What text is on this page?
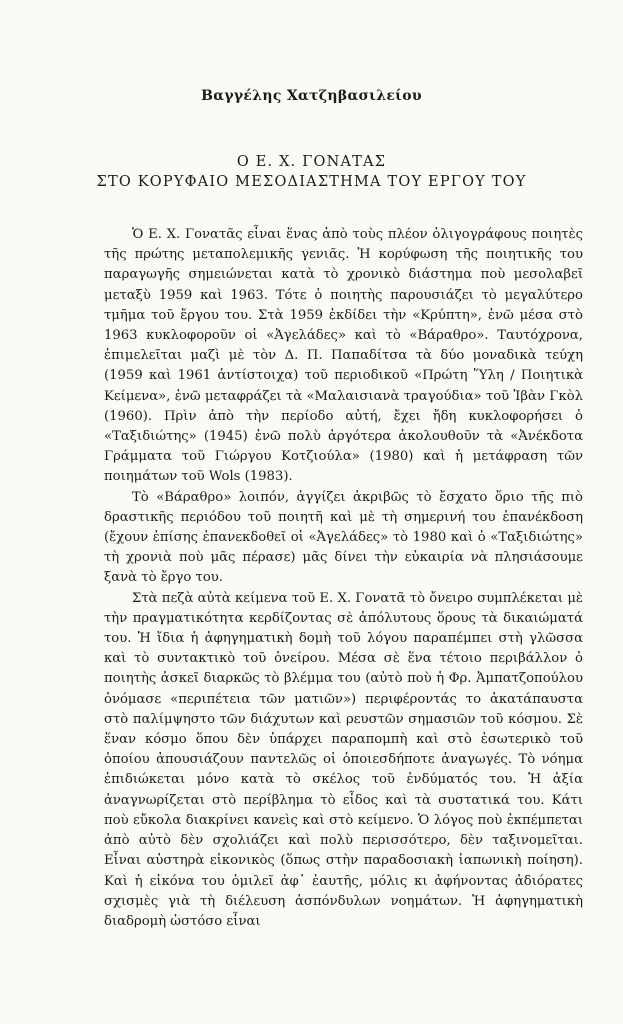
Βαγγέλης Χατζηβασιλείου

Ο Ε. Χ. ΓΟΝΑΤΑΣ
ΣΤΟ ΚΟΡΥΦΑΙΟ ΜΕΣΟΔΙΑΣΤΗΜΑ ΤΟΥ ΕΡΓΟΥ ΤΟΥ

Ὁ Ε. Χ. Γονατᾶς εἶναι ἕνας ἀπὸ τοὺς πλέον ὀλιγογράφους ποιητὲς τῆς πρώτης μεταπολεμικῆς γενιᾶς. Ἡ κορύφωση τῆς ποιητικῆς του παραγωγῆς σημειώνεται κατὰ τὸ χρονικὸ διάστημα ποὺ μεσολαβεῖ μεταξὺ 1959 καὶ 1963. Τότε ὁ ποιητὴς παρουσιάζει τὸ μεγαλύτερο τμῆμα τοῦ ἔργου του. Στὰ 1959 ἐκδίδει τὴν «Κρύπτη», ἐνῶ μέσα στὸ 1963 κυκλοφοροῦν οἱ «Ἀγελάδες» καὶ τὸ «Βάραθρο». Ταυτόχρονα, ἐπιμελεῖται μαζὶ μὲ τὸν Δ. Π. Παπαδίτσα τὰ δύο μοναδικὰ τεύχη (1959 καὶ 1961 ἀντίστοιχα) τοῦ περιοδικοῦ «Πρώτη Ὕλη / Ποιητικὰ Κείμενα», ἐνῶ μεταφράζει τὰ «Μαλαισιανὰ τραγούδια» τοῦ Ἰβὰν Γκὸλ (1960). Πρὶν ἀπὸ τὴν περίοδο αὐτή, ἔχει ἤδη κυκλοφορήσει ὁ «Ταξιδιώτης» (1945) ἐνῶ πολὺ ἀργότερα ἀκολουθοῦν τὰ «Ἀνέκδοτα Γράμματα τοῦ Γιώργου Κοτζιούλα» (1980) καὶ ἡ μετάφραση τῶν ποιημάτων τοῦ Wols (1983).

Τὸ «Βάραθρο» λοιπόν, ἀγγίζει ἀκριβῶς τὸ ἔσχατο ὅριο τῆς πιὸ δραστικῆς περιόδου τοῦ ποιητῆ καὶ μὲ τὴ σημερινή του ἐπανέκδοση (ἔχουν ἐπίσης ἐπανεκδοθεῖ οἱ «Ἀγελάδες» τὸ 1980 καὶ ὁ «Ταξιδιώτης» τὴ χρονιὰ ποὺ μᾶς πέρασε) μᾶς δίνει τὴν εὐκαιρία νὰ πλησιάσουμε ξανὰ τὸ ἔργο του.

Στὰ πεζὰ αὐτὰ κείμενα τοῦ Ε. Χ. Γονατᾶ τὸ ὄνειρο συμπλέκεται μὲ τὴν πραγματικότητα κερδίζοντας σὲ ἀπόλυτους ὅρους τὰ δικαιώματά του. Ἡ ἴδια ἡ ἀφηγηματικὴ δομὴ τοῦ λόγου παραπέμπει στὴ γλῶσσα καὶ τὸ συντακτικὸ τοῦ ὀνείρου. Μέσα σὲ ἕνα τέτοιο περιβάλλον ὁ ποιητὴς ἀσκεῖ διαρκῶς τὸ βλέμμα του (αὐτὸ ποὺ ἡ Φρ. Ἀμπατζοπούλου ὀνόμασε «περιπέτεια τῶν ματιῶν») περιφέροντάς το ἀκατάπαυστα στὸ παλίμψηστο τῶν διάχυτων καὶ ρευστῶν σημασιῶν τοῦ κόσμου. Σὲ ἕναν κόσμο ὅπου δὲν ὑπάρχει παραπομπὴ καὶ στὸ ἐσωτερικὸ τοῦ ὁποίου ἀπουσιάζουν παντελῶς οἱ ὁποιεσδήποτε ἀναγωγές. Τὸ νόημα ἐπιδιώκεται μόνο κατὰ τὸ σκέλος τοῦ ἐνδύματός του. Ἡ ἀξία ἀναγνωρίζεται στὸ περίβλημα τὸ εἶδος καὶ τὰ συστατικά του. Κάτι ποὺ εὔκολα διακρίνει κανεὶς καὶ στὸ κείμενο. Ὁ λόγος ποὺ ἐκπέμπεται ἀπὸ αὐτὸ δὲν σχολιάζει καὶ πολὺ περισσότερο, δὲν ταξινομεῖται. Εἶναι αὐστηρὰ εἰκονικὸς (ὅπως στὴν παραδοσιακὴ ἰαπωνικὴ ποίηση). Καὶ ἡ εἰκόνα του ὁμιλεῖ ἀφ᾽ ἑαυτῆς, μόλις κι ἀφήνοντας ἀδιόρατες σχισμὲς γιὰ τὴ διέλευση ἀσπόνδυλων νοημάτων. Ἡ ἀφηγηματικὴ διαδρομὴ ὡστόσο εἶναι
